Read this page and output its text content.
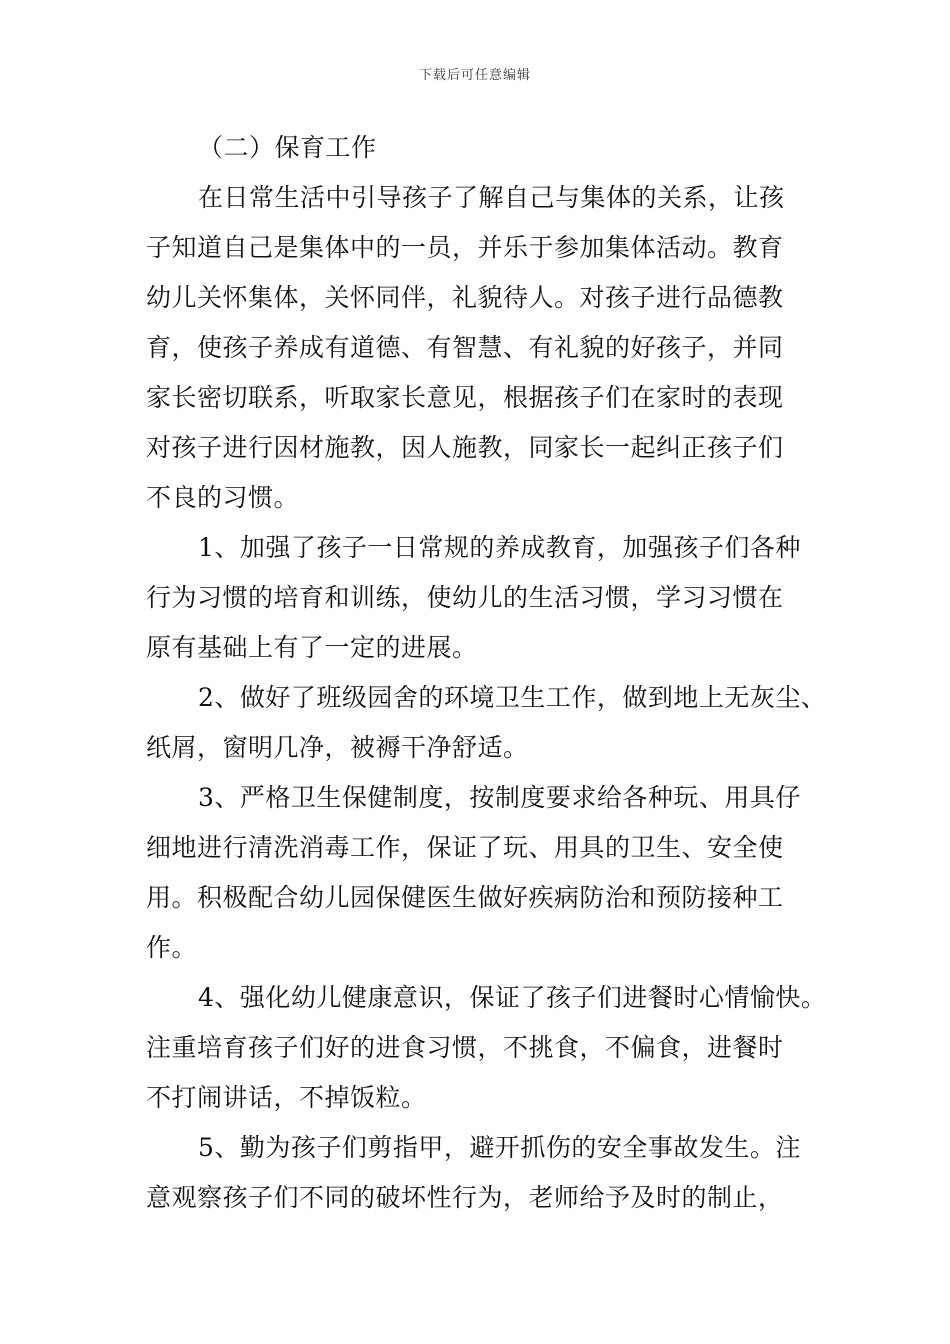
下载后可任意编辑
（二）保育工作
在日常生活中引导孩子了解自己与集体的关系，让孩
子知道自己是集体中的一员，并乐于参加集体活动。教育
幼儿关怀集体，关怀同伴，礼貌待人。对孩子进行品德教
育，使孩子养成有道德、有智慧、有礼貌的好孩子，并同
家长密切联系，听取家长意见，根据孩子们在家时的表现
对孩子进行因材施教，因人施教，同家长一起纠正孩子们
不良的习惯。
1、加强了孩子一日常规的养成教育，加强孩子们各种
行为习惯的培育和训练，使幼儿的生活习惯，学习习惯在
原有基础上有了一定的进展。
2、做好了班级园舍的环境卫生工作，做到地上无灰尘、
纸屑，窗明几净，被褥干净舒适。
3、严格卫生保健制度，按制度要求给各种玩、用具仔
细地进行清洗消毒工作，保证了玩、用具的卫生、安全使
用。积极配合幼儿园保健医生做好疾病防治和预防接种工
作。
4、强化幼儿健康意识，保证了孩子们进餐时心情愉快。
注重培育孩子们好的进食习惯，不挑食，不偏食，进餐时
不打闹讲话，不掉饭粒。
5、勤为孩子们剪指甲，避开抓伤的安全事故发生。注
意观察孩子们不同的破坏性行为，老师给予及时的制止，
